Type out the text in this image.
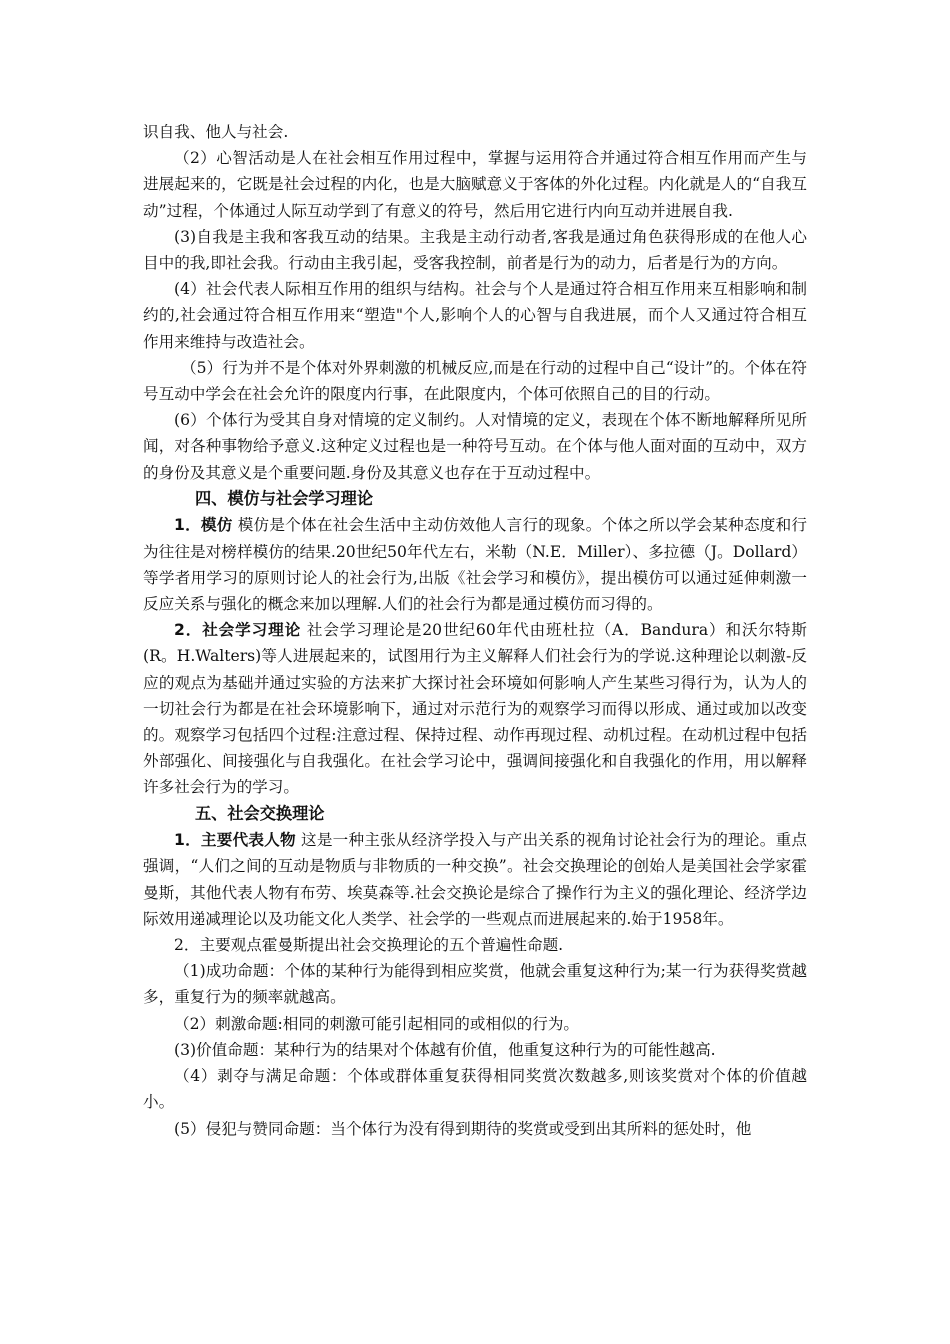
识自我、他人与社会.

（2）心智活动是人在社会相互作用过程中，掌握与运用符合并通过符合相互作用而产生与进展起来的，它既是社会过程的内化，也是大脑赋意义于客体的外化过程。内化就是人的“自我互动”过程，个体通过人际互动学到了有意义的符号，然后用它进行内向互动并进展自我.

(3)自我是主我和客我互动的结果。主我是主动行动者,客我是通过角色获得形成的在他人心目中的我,即社会我。行动由主我引起，受客我控制，前者是行为的动力，后者是行为的方向。

(4）社会代表人际相互作用的组织与结构。社会与个人是通过符合相互作用来互相影响和制约的,社会通过符合相互作用来“塑造"个人,影响个人的心智与自我进展，而个人又通过符合相互作用来维持与改造社会。

（5）行为并不是个体对外界刺激的机械反应,而是在行动的过程中自己“设计”的。个体在符号互动中学会在社会允许的限度内行事，在此限度内，个体可依照自己的目的行动。

(6）个体行为受其自身对情境的定义制约。人对情境的定义，表现在个体不断地解释所见所闻，对各种事物给予意义.这种定义过程也是一种符号互动。在个体与他人面对面的互动中，双方的身份及其意义是个重要问题.身份及其意义也存在于互动过程中。

四、模仿与社会学习理论

1．模仿 模仿是个体在社会生活中主动仿效他人言行的现象。个体之所以学会某种态度和行为往往是对榜样模仿的结果.20世纪50年代左右，米勒（N.E．Miller）、多拉德（J。Dollard）等学者用学习的原则讨论人的社会行为,出版《社会学习和模仿》，提出模仿可以通过延伸刺激一反应关系与强化的概念来加以理解.人们的社会行为都是通过模仿而习得的。

2．社会学习理论 社会学习理论是20世纪60年代由班杜拉（A．Bandura）和沃尔特斯(R。H.Walters)等人进展起来的，试图用行为主义解释人们社会行为的学说.这种理论以刺激-反应的观点为基础并通过实验的方法来扩大探讨社会环境如何影响人产生某些习得行为，认为人的一切社会行为都是在社会环境影响下，通过对示范行为的观察学习而得以形成、通过或加以改变的。观察学习包括四个过程:注意过程、保持过程、动作再现过程、动机过程。在动机过程中包括外部强化、间接强化与自我强化。在社会学习论中，强调间接强化和自我强化的作用，用以解释许多社会行为的学习。

五、社会交换理论

1．主要代表人物 这是一种主张从经济学投入与产出关系的视角讨论社会行为的理论。重点强调，“人们之间的互动是物质与非物质的一种交换”。社会交换理论的创始人是美国社会学家霍曼斯，其他代表人物有布劳、埃莫森等.社会交换论是综合了操作行为主义的强化理论、经济学边际效用递减理论以及功能文化人类学、社会学的一些观点而进展起来的.始于1958年。

2．主要观点霍曼斯提出社会交换理论的五个普遍性命题.

（1)成功命题：个体的某种行为能得到相应奖赏，他就会重复这种行为;某一行为获得奖赏越多，重复行为的频率就越高。

（2）刺激命题:相同的刺激可能引起相同的或相似的行为。

(3)价值命题：某种行为的结果对个体越有价值，他重复这种行为的可能性越高.

（4）剥夺与满足命题：个体或群体重复获得相同奖赏次数越多,则该奖赏对个体的价值越小。

(5）侵犯与赞同命题：当个体行为没有得到期待的奖赏或受到出其所料的惩处时，他
